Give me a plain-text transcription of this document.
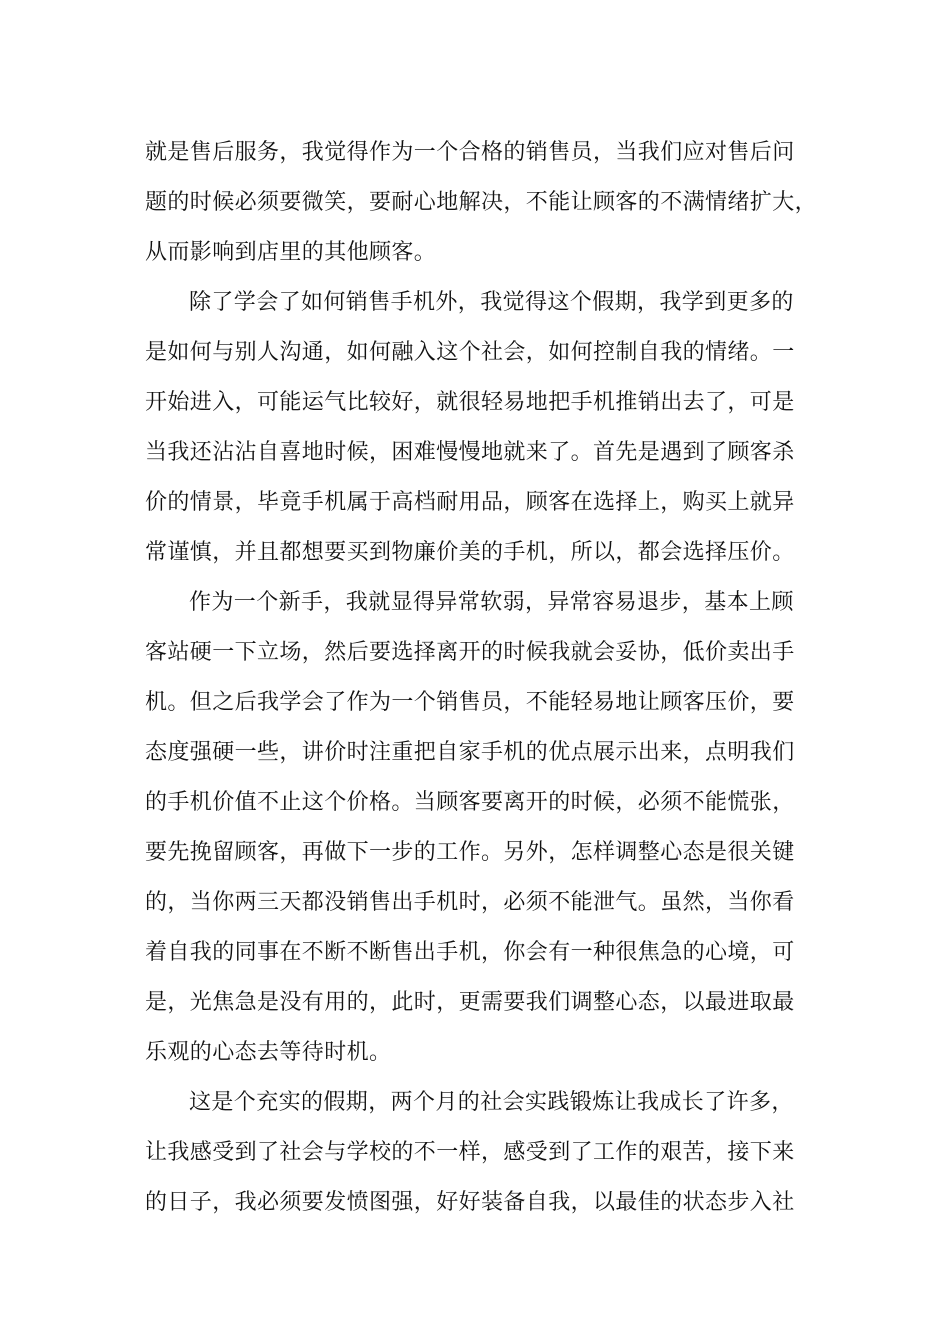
就是售后服务，我觉得作为一个合格的销售员，当我们应对售后问
题的时候必须要微笑，要耐心地解决，不能让顾客的不满情绪扩大，
从而影响到店里的其他顾客。
除了学会了如何销售手机外，我觉得这个假期，我学到更多的
是如何与别人沟通，如何融入这个社会，如何控制自我的情绪。一
开始进入，可能运气比较好，就很轻易地把手机推销出去了，可是
当我还沾沾自喜地时候，困难慢慢地就来了。首先是遇到了顾客杀
价的情景，毕竟手机属于高档耐用品，顾客在选择上，购买上就异
常谨慎，并且都想要买到物廉价美的手机，所以，都会选择压价。
作为一个新手，我就显得异常软弱，异常容易退步，基本上顾
客站硬一下立场，然后要选择离开的时候我就会妥协，低价卖出手
机。但之后我学会了作为一个销售员，不能轻易地让顾客压价，要
态度强硬一些，讲价时注重把自家手机的优点展示出来，点明我们
的手机价值不止这个价格。当顾客要离开的时候，必须不能慌张，
要先挽留顾客，再做下一步的工作。另外，怎样调整心态是很关键
的，当你两三天都没销售出手机时，必须不能泄气。虽然，当你看
着自我的同事在不断不断售出手机，你会有一种很焦急的心境，可
是，光焦急是没有用的，此时，更需要我们调整心态，以最进取最
乐观的心态去等待时机。
这是个充实的假期，两个月的社会实践锻炼让我成长了许多，
让我感受到了社会与学校的不一样，感受到了工作的艰苦，接下来
的日子，我必须要发愤图强，好好装备自我，以最佳的状态步入社
